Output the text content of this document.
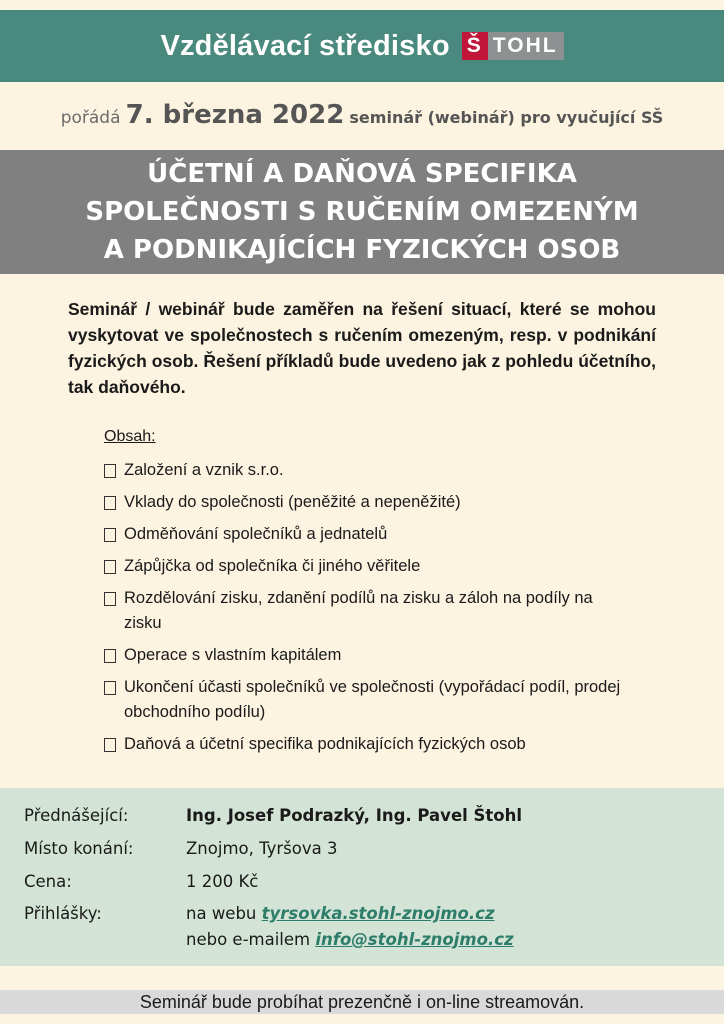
Vzdělávací středisko Š TOHL
pořádá 7. března 2022 seminář (webinář) pro vyučující SŠ
ÚČETNÍ A DAŇOVÁ SPECIFIKA
SPOLEČNOSTI S RUČENÍM OMEZENÝM
A PODNIKAJÍCÍCH FYZICKÝCH OSOB
Seminář / webinář bude zaměřen na řešení situací, které se mohou vyskytovat ve společnostech s ručením omezeným, resp. v podnikání fyzických osob. Řešení příkladů bude uvedeno jak z pohledu účetního, tak daňového.
Obsah:
Založení a vznik s.r.o.
Vklady do společnosti (peněžité a nepeněžité)
Odměňování společníků a jednatelů
Zápůjčka od společníka či jiného věřitele
Rozdělování zisku, zdanění podílů na zisku a záloh na podíly na zisku
Operace s vlastním kapitálem
Ukončení účasti společníků ve společnosti (vypořádací podíl, prodej obchodního podílu)
Daňová a účetní specifika podnikajících fyzických osob
Přednášející:	Ing. Josef Podrazký, Ing. Pavel Štohl
Místo konání:	Znojmo, Tyršova 3
Cena:	1 200 Kč
Přihlášky:	na webu tyrsovka.stohl-znojmo.cz
nebo e-mailem info@stohl-znojmo.cz
Seminář bude probíhat prezenčně i on-line streamován.
